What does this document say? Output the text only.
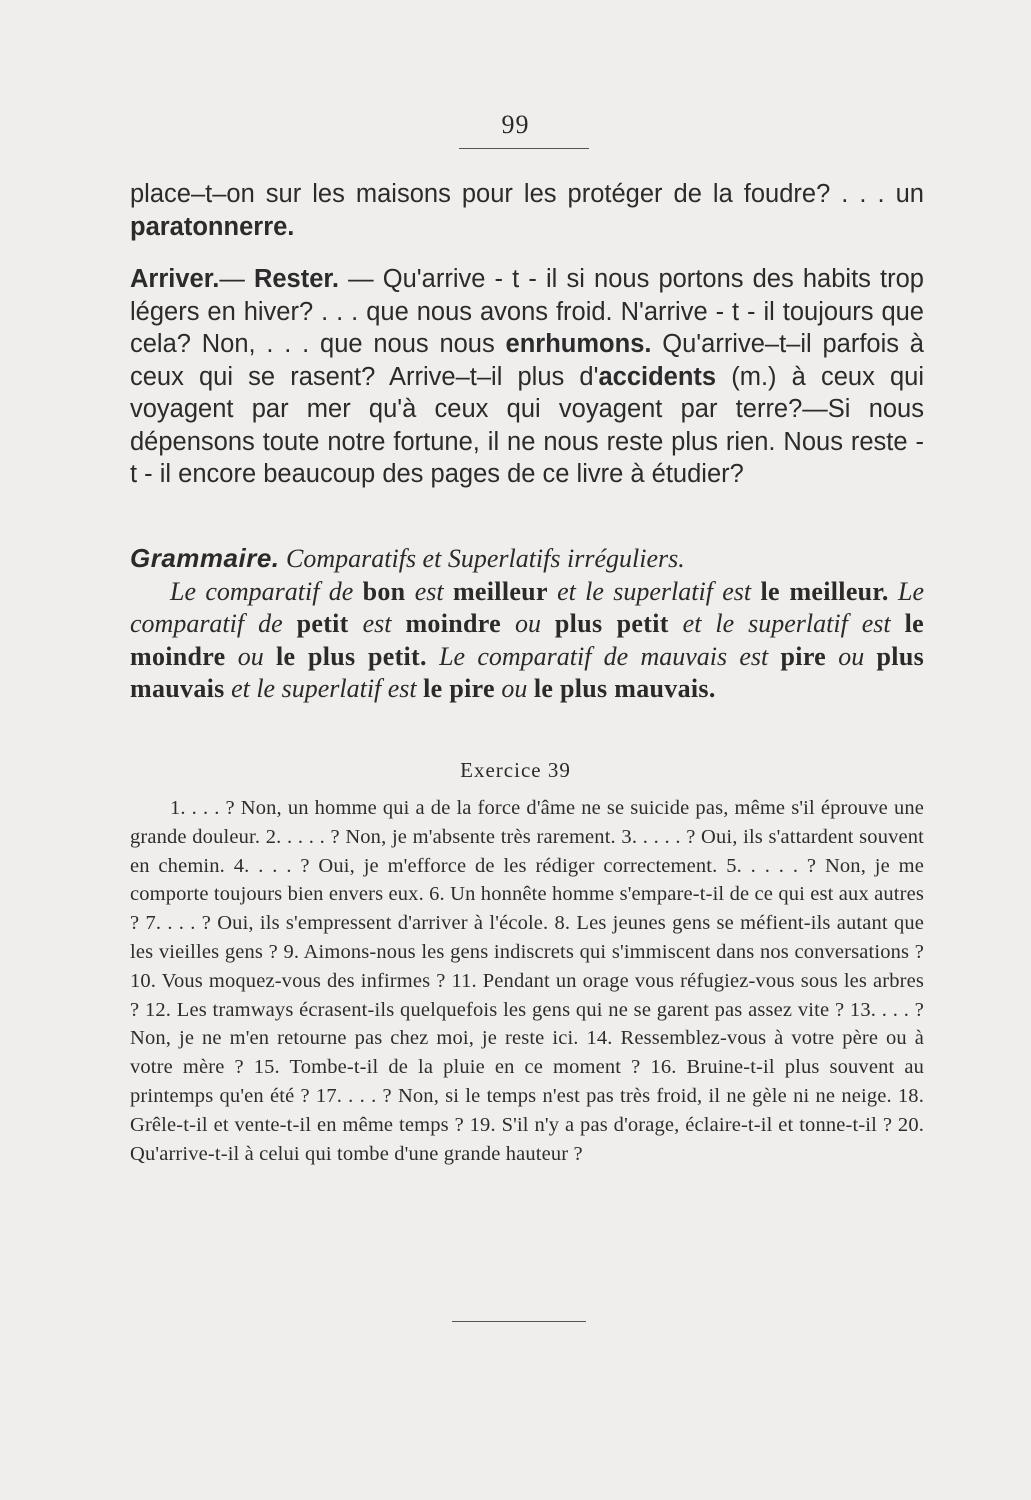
99

place–t–on sur les maisons pour les protéger de la foudre? . . . un paratonnerre.

Arriver.— Rester. — Qu'arrive - t - il si nous portons des habits trop légers en hiver? . . . que nous avons froid. N'arrive - t - il toujours que cela? Non, . . . que nous nous enrhumons. Qu'arrive–t–il parfois à ceux qui se rasent? Arrive–t–il plus d'accidents (m.) à ceux qui voyagent par mer qu'à ceux qui voyagent par terre?—Si nous dépensons toute notre fortune, il ne nous reste plus rien. Nous reste - t - il encore beaucoup des pages de ce livre à étudier?

Grammaire. Comparatifs et Superlatifs irréguliers.

Le comparatif de bon est meilleur et le superlatif est le meilleur. Le comparatif de petit est moindre ou plus petit et le superlatif est le moindre ou le plus petit. Le comparatif de mauvais est pire ou plus mauvais et le superlatif est le pire ou le plus mauvais.

Exercice 39

1. . . . ? Non, un homme qui a de la force d'âme ne se suicide pas, même s'il éprouve une grande douleur. 2. . . . . ? Non, je m'absente très rarement. 3. . . . . ? Oui, ils s'attardent souvent en chemin. 4. . . . ? Oui, je m'efforce de les rédiger correctement. 5. . . . . ? Non, je me comporte toujours bien envers eux. 6. Un honnête homme s'empare-t-il de ce qui est aux autres ? 7. . . . ? Oui, ils s'empressent d'arriver à l'école. 8. Les jeunes gens se méfient-ils autant que les vieilles gens ? 9. Aimons-nous les gens indiscrets qui s'immiscent dans nos conversations ? 10. Vous moquez-vous des infirmes ? 11. Pendant un orage vous réfugiez-vous sous les arbres ? 12. Les tramways écrasent-ils quelquefois les gens qui ne se garent pas assez vite ? 13. . . . ? Non, je ne m'en retourne pas chez moi, je reste ici. 14. Ressemblez-vous à votre père ou à votre mère ? 15. Tombe-t-il de la pluie en ce moment ? 16. Bruine-t-il plus souvent au printemps qu'en été ? 17. . . . ? Non, si le temps n'est pas très froid, il ne gèle ni ne neige. 18. Grêle-t-il et vente-t-il en même temps ? 19. S'il n'y a pas d'orage, éclaire-t-il et tonne-t-il ? 20. Qu'arrive-t-il à celui qui tombe d'une grande hauteur ?
